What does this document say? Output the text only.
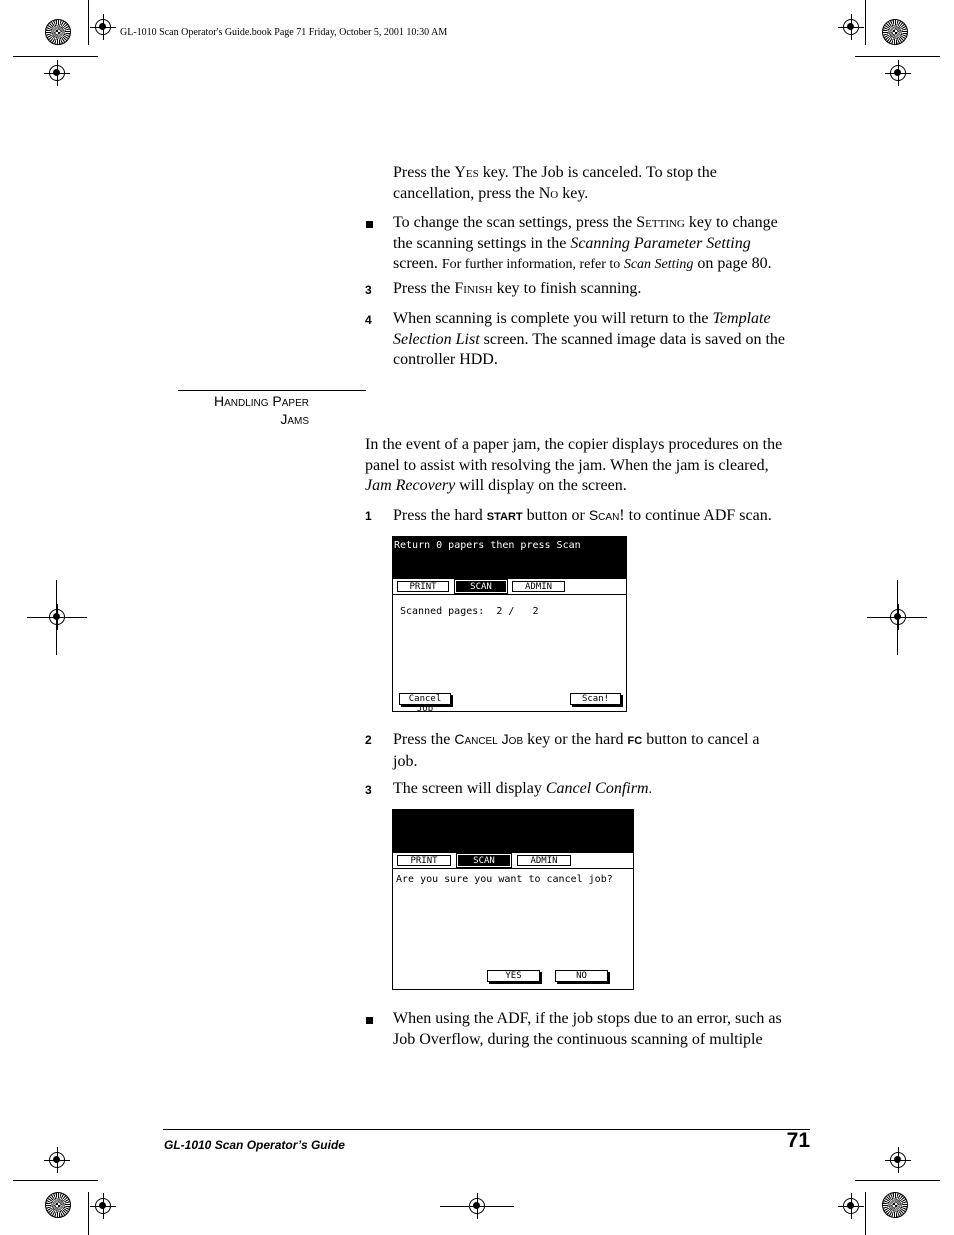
GL-1010 Scan Operator's Guide.book Page 71 Friday, October 5, 2001 10:30 AM
Press the Yes key. The Job is canceled. To stop the
cancellation, press the No key.
To change the scan settings, press the Setting key to change
the scanning settings in the Scanning Parameter Setting
screen. For further information, refer to Scan Setting on page 80.
3 Press the Finish key to finish scanning.
4 When scanning is complete you will return to the Template
Selection List screen. The scanned image data is saved on the
controller HDD.
Handling Paper
Jams
In the event of a paper jam, the copier displays procedures on the
panel to assist with resolving the jam. When the jam is cleared,
Jam Recovery will display on the screen.
1 Press the hard START button or Scan! to continue ADF scan.
Return 0 papers then press Scan
PRINT	SCAN	ADMIN
Scanned pages:  2 /   2
Cancel Job
Scan!
2 Press the Cancel Job key or the hard FC button to cancel a
job.
3 The screen will display Cancel Confirm.
PRINT	SCAN	ADMIN
Are you sure you want to cancel job?
YES	NO
When using the ADF, if the job stops due to an error, such as
Job Overflow, during the continuous scanning of multiple
GL-1010 Scan Operator’s Guide	71
